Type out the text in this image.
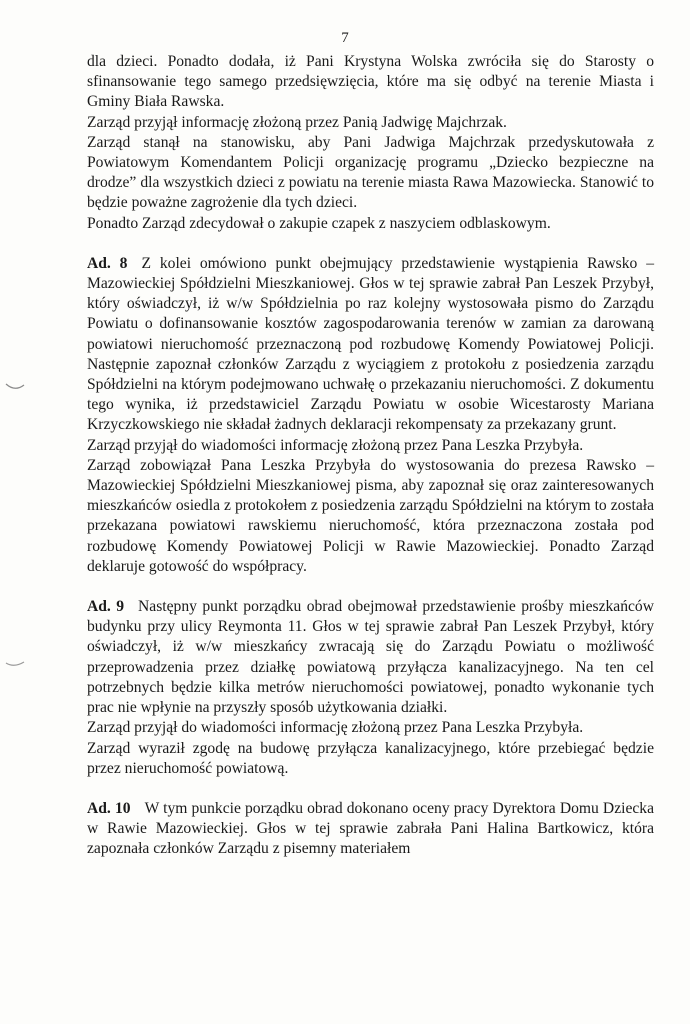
7

dla dzieci. Ponadto dodała, iż Pani Krystyna Wolska zwróciła się do Starosty o sfinansowanie tego samego przedsięwzięcia, które ma się odbyć na terenie Miasta i Gminy Biała Rawska.

Zarząd przyjął informację złożoną przez Panią Jadwigę Majchrzak.

Zarząd stanął na stanowisku, aby Pani Jadwiga Majchrzak przedyskutowała z Powiatowym Komendantem Policji organizację programu „Dziecko bezpieczne na drodze” dla wszystkich dzieci z powiatu na terenie miasta Rawa Mazowiecka. Stanowić to będzie poważne zagrożenie dla tych dzieci.

Ponadto Zarząd zdecydował o zakupie czapek z naszyciem odblaskowym.

Ad. 8 Z kolei omówiono punkt obejmujący przedstawienie wystąpienia Rawsko – Mazowieckiej Spółdzielni Mieszkaniowej. Głos w tej sprawie zabrał Pan Leszek Przybył, który oświadczył, iż w/w Spółdzielnia po raz kolejny wystosowała pismo do Zarządu Powiatu o dofinansowanie kosztów zagospodarowania terenów w zamian za darowaną powiatowi nieruchomość przeznaczoną pod rozbudowę Komendy Powiatowej Policji. Następnie zapoznał członków Zarządu z wyciągiem z protokołu z posiedzenia zarządu Spółdzielni na którym podejmowano uchwałę o przekazaniu nieruchomości. Z dokumentu tego wynika, iż przedstawiciel Zarządu Powiatu w osobie Wicestarosty Mariana Krzyczkowskiego nie składał żadnych deklaracji rekompensaty za przekazany grunt.

Zarząd przyjął do wiadomości informację złożoną przez Pana Leszka Przybyła.

Zarząd zobowiązał Pana Leszka Przybyła do wystosowania do prezesa Rawsko – Mazowieckiej Spółdzielni Mieszkaniowej pisma, aby zapoznał się oraz zainteresowanych mieszkańców osiedla z protokołem z posiedzenia zarządu Spółdzielni na którym to została przekazana powiatowi rawskiemu nieruchomość, która przeznaczona została pod rozbudowę Komendy Powiatowej Policji w Rawie Mazowieckiej. Ponadto Zarząd deklaruje gotowość do współpracy.

Ad. 9 Następny punkt porządku obrad obejmował przedstawienie prośby mieszkańców budynku przy ulicy Reymonta 11. Głos w tej sprawie zabrał Pan Leszek Przybył, który oświadczył, iż w/w mieszkańcy zwracają się do Zarządu Powiatu o możliwość przeprowadzenia przez działkę powiatową przyłącza kanalizacyjnego. Na ten cel potrzebnych będzie kilka metrów nieruchomości powiatowej, ponadto wykonanie tych prac nie wpłynie na przyszły sposób użytkowania działki.

Zarząd przyjął do wiadomości informację złożoną przez Pana Leszka Przybyła.

Zarząd wyraził zgodę na budowę przyłącza kanalizacyjnego, które przebiegać będzie przez nieruchomość powiatową.

Ad. 10 W tym punkcie porządku obrad dokonano oceny pracy Dyrektora Domu Dziecka w Rawie Mazowieckiej. Głos w tej sprawie zabrała Pani Halina Bartkowicz, która zapoznała członków Zarządu z pisemny materiałem
